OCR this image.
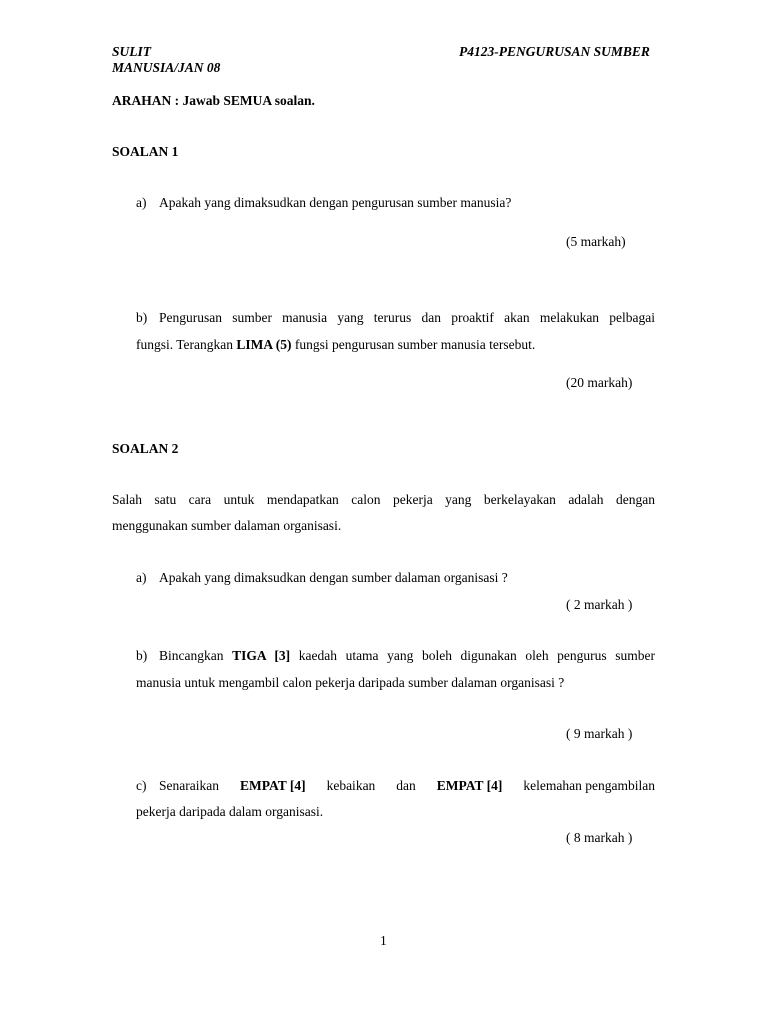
SULIT
MANUSIA/JAN 08
P4123-PENGURUSAN SUMBER
ARAHAN : Jawab SEMUA soalan.
SOALAN 1
a) Apakah yang dimaksudkan dengan pengurusan sumber manusia?
(5 markah)
b) Pengurusan sumber manusia yang terurus dan proaktif akan melakukan pelbagai
fungsi. Terangkan LIMA (5) fungsi pengurusan sumber manusia tersebut.
(20 markah)
SOALAN 2
Salah satu cara untuk mendapatkan calon pekerja yang berkelayakan adalah dengan
menggunakan sumber dalaman organisasi.
a) Apakah yang dimaksudkan dengan sumber dalaman organisasi ?
( 2 markah )
b) Bincangkan TIGA [3] kaedah utama yang boleh digunakan oleh pengurus sumber
manusia untuk mengambil calon pekerja daripada sumber dalaman organisasi ?
( 9 markah )
c) Senaraikan EMPAT [4] kebaikan dan EMPAT [4] kelemahan pengambilan
pekerja daripada dalam organisasi.
( 8 markah )
1
